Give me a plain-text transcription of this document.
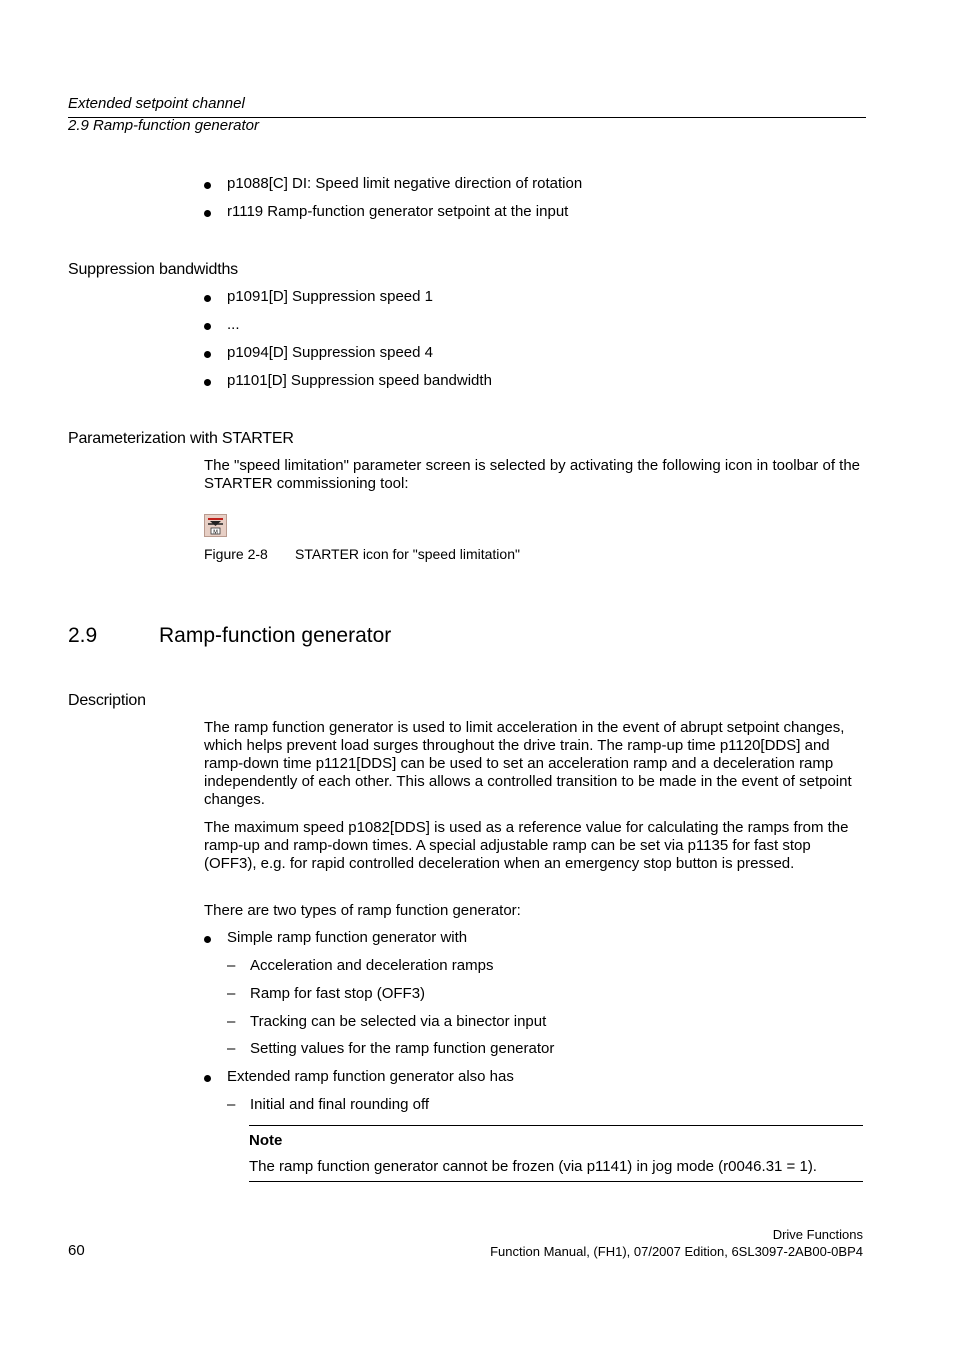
Extended setpoint channel
2.9 Ramp-function generator
p1088[C] DI: Speed limit negative direction of rotation
r1119 Ramp-function generator setpoint at the input
Suppression bandwidths
p1091[D] Suppression speed 1
...
p1094[D] Suppression speed 4
p1101[D] Suppression speed bandwidth
Parameterization with STARTER
The "speed limitation" parameter screen is selected by activating the following icon in toolbar of the STARTER commissioning tool:
M
Figure 2-8 STARTER icon for "speed limitation"
2.9	Ramp-function generator
Description
The ramp function generator is used to limit acceleration in the event of abrupt setpoint changes, which helps prevent load surges throughout the drive train. The ramp-up time p1120[DDS] and ramp-down time p1121[DDS] can be used to set an acceleration ramp and a deceleration ramp independently of each other. This allows a controlled transition to be made in the event of setpoint changes.
The maximum speed p1082[DDS] is used as a reference value for calculating the ramps from the ramp-up and ramp-down times. A special adjustable ramp can be set via p1135 for fast stop (OFF3), e.g. for rapid controlled deceleration when an emergency stop button is pressed.
There are two types of ramp function generator:
Simple ramp function generator with
– Acceleration and deceleration ramps
– Ramp for fast stop (OFF3)
– Tracking can be selected via a binector input
– Setting values for the ramp function generator
Extended ramp function generator also has
– Initial and final rounding off
Note
The ramp function generator cannot be frozen (via p1141) in jog mode (r0046.31 = 1).
60
Drive Functions
Function Manual, (FH1), 07/2007 Edition, 6SL3097-2AB00-0BP4
